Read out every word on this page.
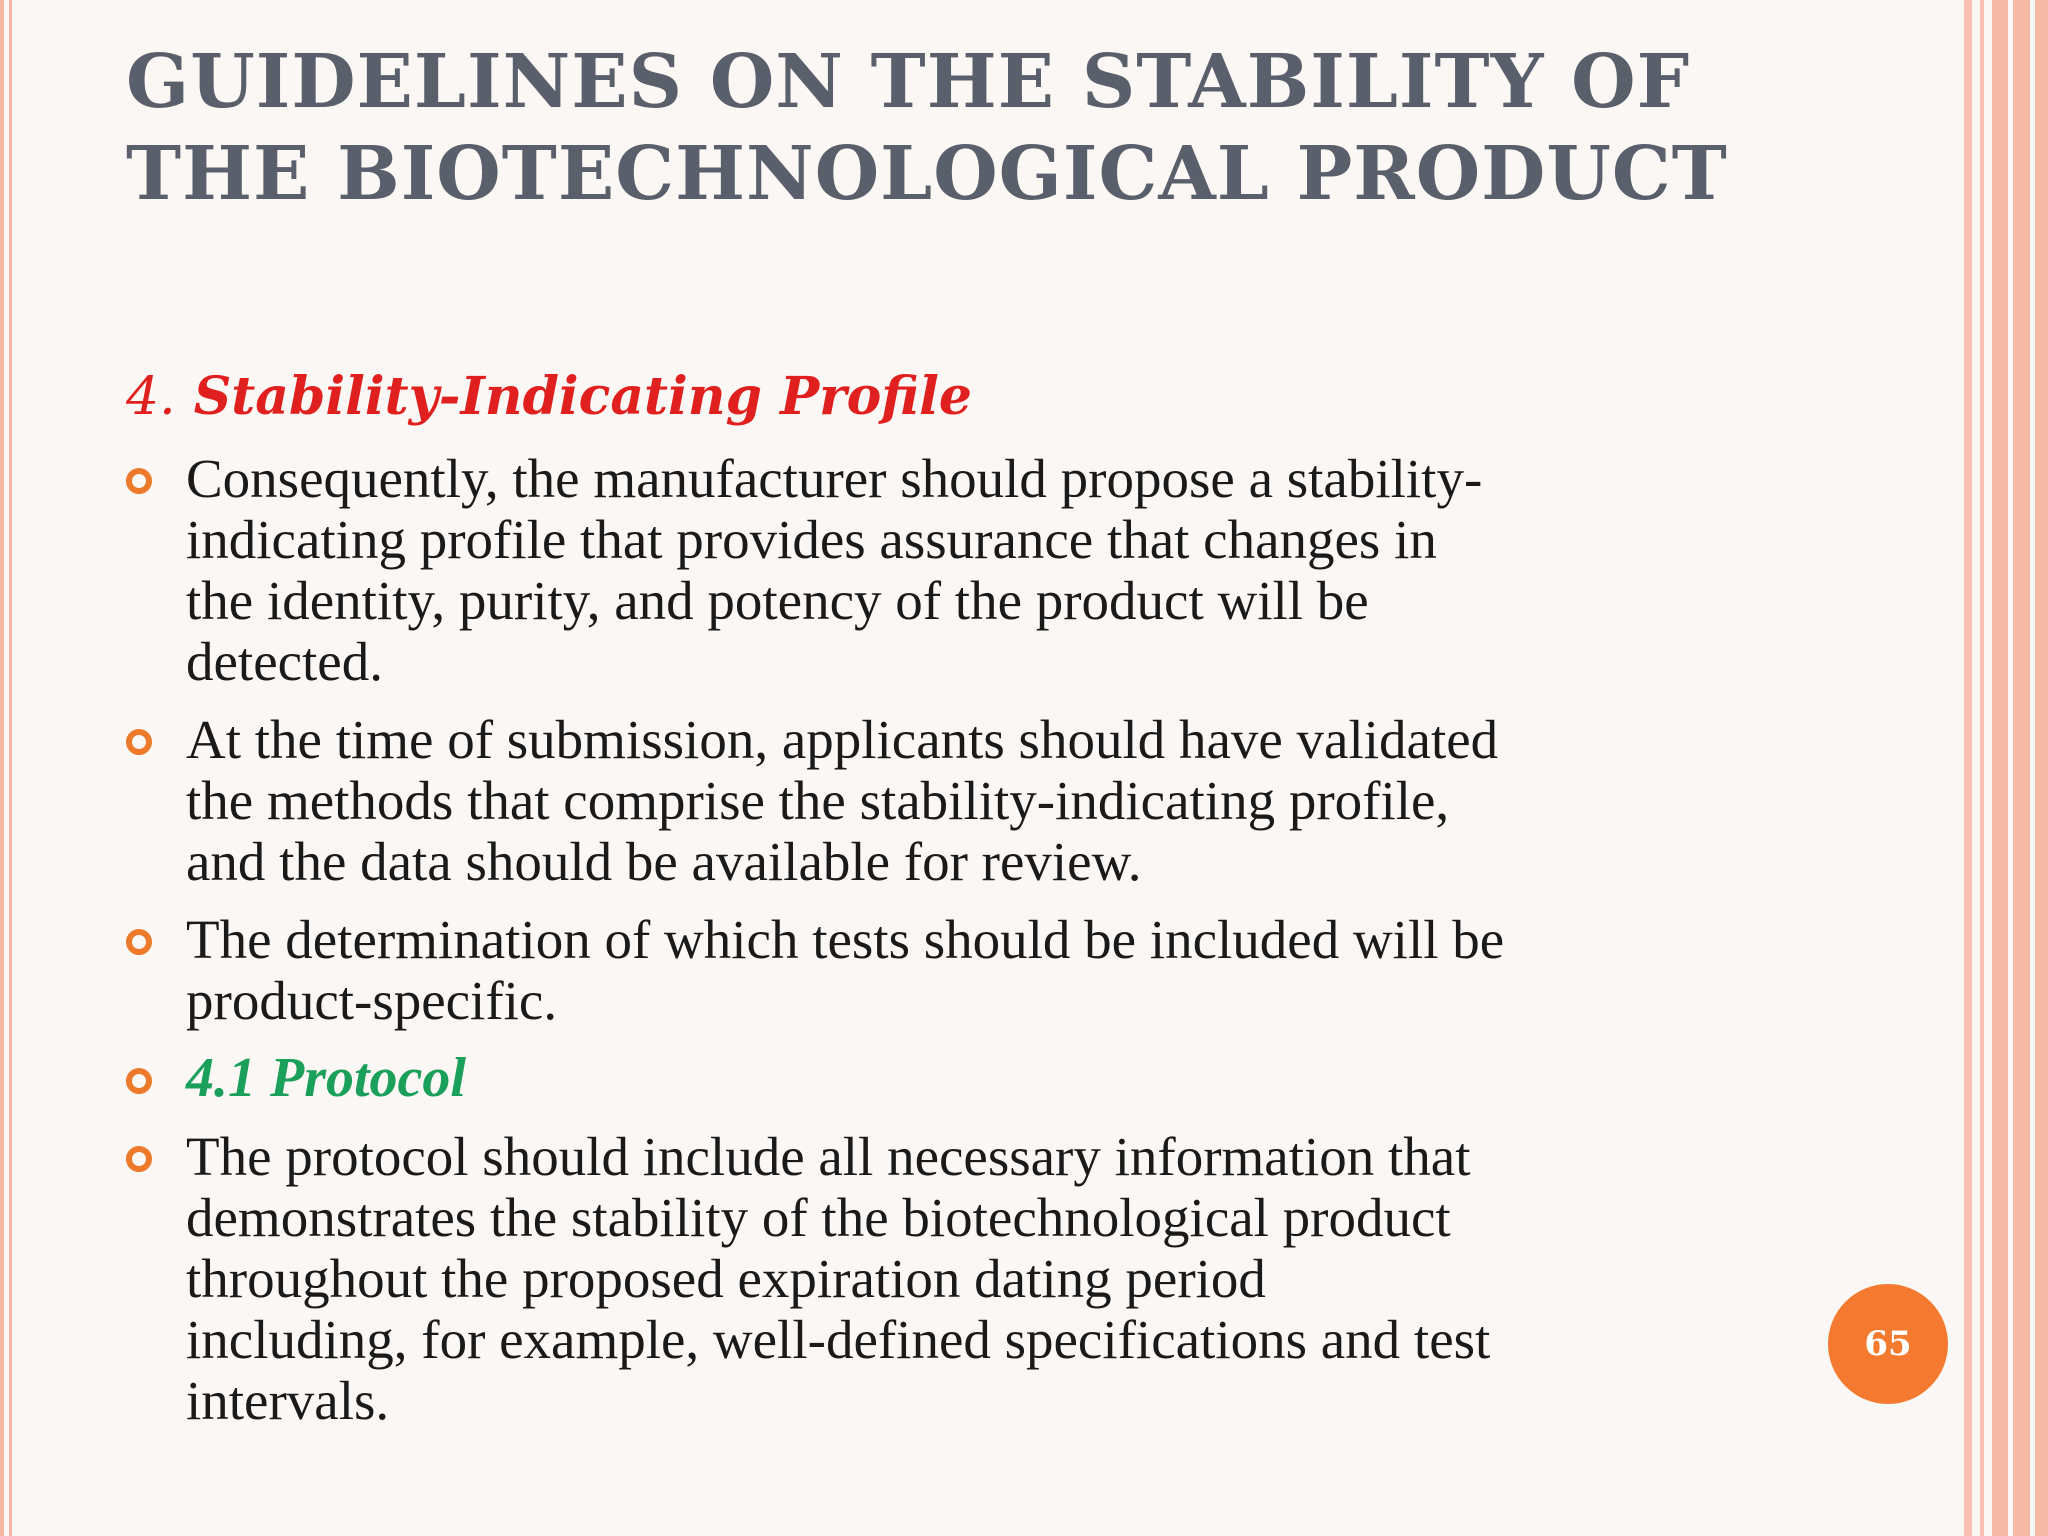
GUIDELINES ON THE STABILITY OF
THE BIOTECHNOLOGICAL PRODUCT
4. Stability-Indicating Profile
Consequently, the manufacturer should propose a stability-
indicating profile that provides assurance that changes in
the identity, purity, and potency of the product will be
detected.
At the time of submission, applicants should have validated
the methods that comprise the stability-indicating profile,
and the data should be available for review.
The determination of which tests should be included will be
product-specific.
4.1 Protocol
The protocol should include all necessary information that
demonstrates the stability of the biotechnological product
throughout the proposed expiration dating period
including, for example, well-defined specifications and test
intervals.
65
